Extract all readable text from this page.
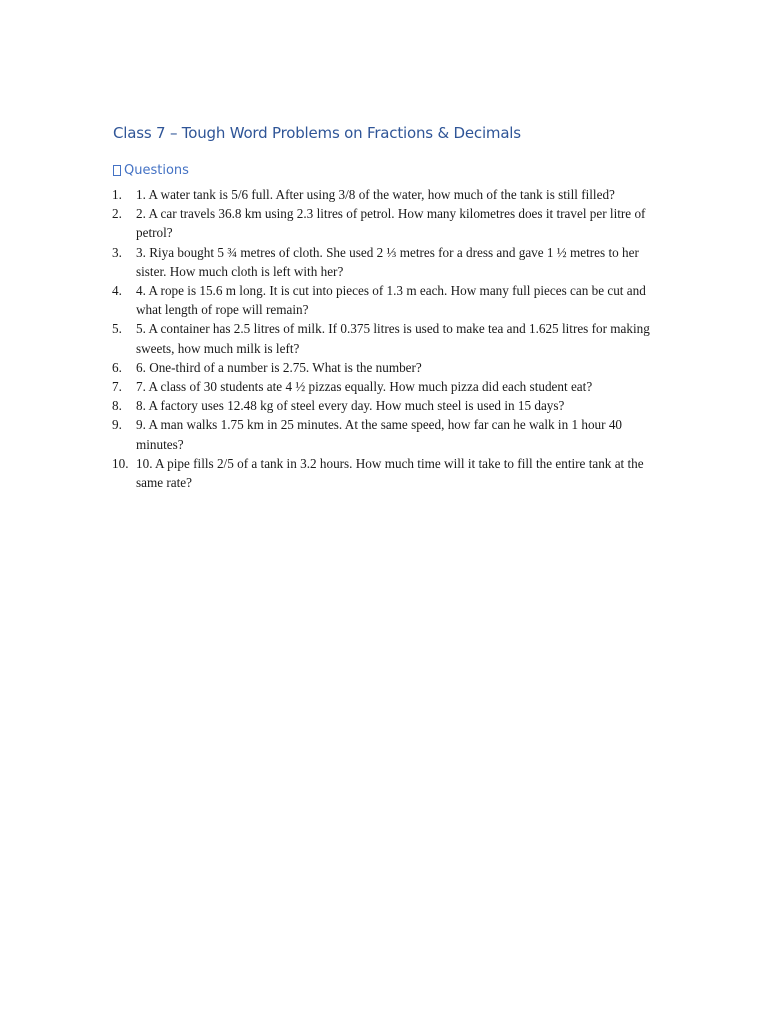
Class 7 – Tough Word Problems on Fractions & Decimals
Questions
1. 1. A water tank is 5/6 full. After using 3/8 of the water, how much of the tank is still filled?
2. 2. A car travels 36.8 km using 2.3 litres of petrol. How many kilometres does it travel per litre of petrol?
3. 3. Riya bought 5 ¾ metres of cloth. She used 2 ⅓ metres for a dress and gave 1 ½ metres to her sister. How much cloth is left with her?
4. 4. A rope is 15.6 m long. It is cut into pieces of 1.3 m each. How many full pieces can be cut and what length of rope will remain?
5. 5. A container has 2.5 litres of milk. If 0.375 litres is used to make tea and 1.625 litres for making sweets, how much milk is left?
6. 6. One-third of a number is 2.75. What is the number?
7. 7. A class of 30 students ate 4 ½ pizzas equally. How much pizza did each student eat?
8. 8. A factory uses 12.48 kg of steel every day. How much steel is used in 15 days?
9. 9. A man walks 1.75 km in 25 minutes. At the same speed, how far can he walk in 1 hour 40 minutes?
10. 10. A pipe fills 2/5 of a tank in 3.2 hours. How much time will it take to fill the entire tank at the same rate?
